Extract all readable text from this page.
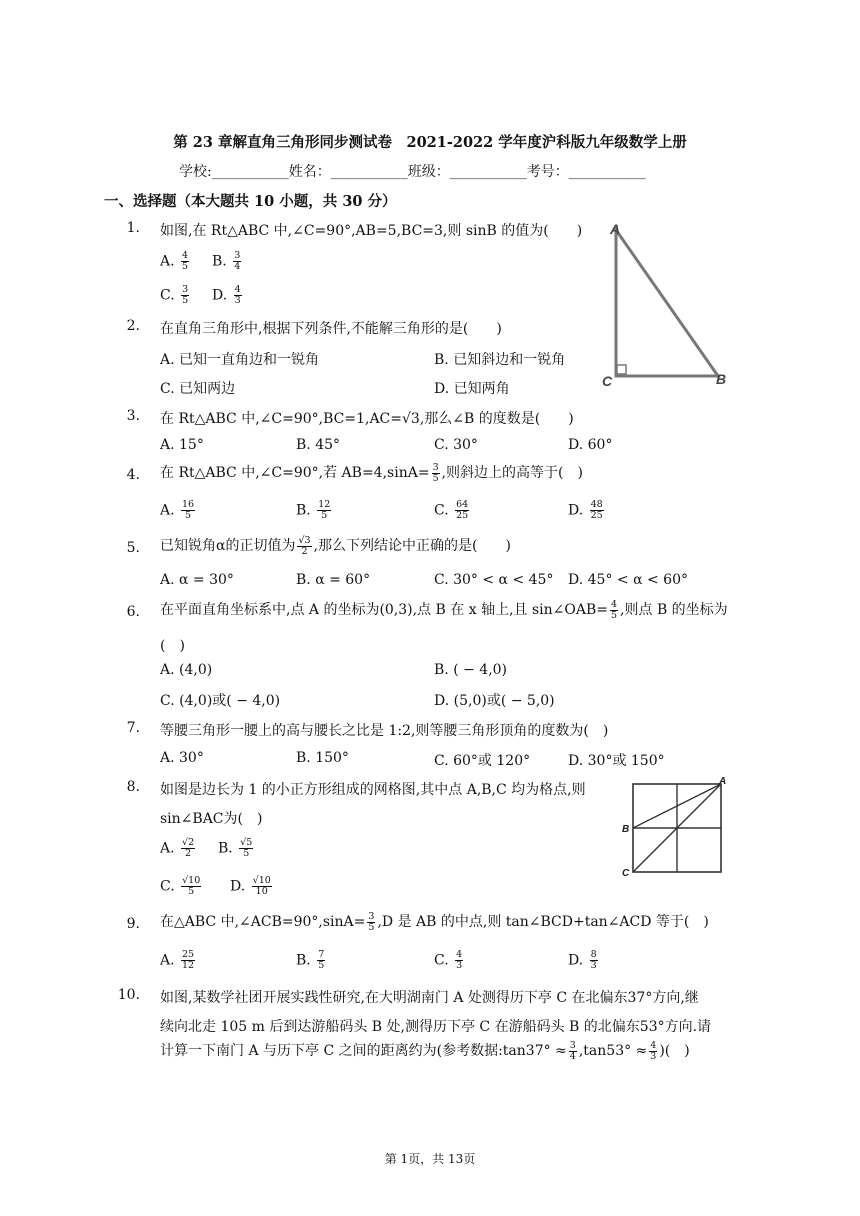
第 23 章解直角三角形同步测试卷　2021-2022 学年度沪科版九年级数学上册
学校:___________姓名：___________班级：___________考号：___________
一、选择题（本大题共 10 小题，共 30 分）
1. 如图,在 Rt△ABC 中,∠C=90°,AB=5,BC=3,则 sinB 的值为(　　)
A. $\frac{4}{5} B$. $\frac{3}{4}$
C. $\frac{3}{5} D$. $\frac{4}{3}$
A
C	B
2. 在直角三角形中,根据下列条件,不能解三角形的是(　　)
A. 已知一直角边和一锐角	B. 已知斜边和一锐角
C. 已知两边	D. 已知两角
3. 在 Rt△ABC 中,∠C=90°,BC=1,AC=√3,那么∠B 的度数是(　　)
A. 15°	B. 45°	C. 30°	D. 60°
4. 在 Rt△ABC 中,∠C=90°,若 $AB=4,\sin A= \frac{3}{5}$ ,则斜边上的高等于(　)
A. $\frac{16}{5}$	B. $\frac{12}{5}$	C. $\frac{64}{25}$	D. $\frac{48}{25}$
5. 已知锐角α的正切值为 $\frac{√3}{2}$ ,那么下列结论中正确的是(　　)
A. α = 30°	B. α = 60°	C. 30° < α < 45° D. 45° < α < 60°
6. 在平面直角坐标系中,点 A 的坐标为(0,3),点 B 在 x 轴上,且 sin∠OAB= $\frac{4}{5}$ ,则点 B 的坐标为
(　)
A. (4,0)	B. ( − 4,0)
C. (4,0)或( − 4,0)	D. (5,0)或( − 5,0)
7. 等腰三角形一腰上的高与腰长之比是 1:2,则等腰三角形顶角的度数为(　)
A. 30°	B. 150°	C. 60°或 120°	D. 30°或 150°
8. 如图是边长为 1 的小正方形组成的网格图,其中点 A,B,C 均为格点,则
sin∠BAC为(　)
A. $\frac{√2}{2} B$. $\frac{√5}{5}$
C. $\frac{√10}{5} D$. $\frac{√10}{10}$
A
B
C
9. 在△ABC 中,∠ACB=90°,sinA= $\frac{3}{5} ,D$ 是 AB 的中点,则 tan∠BCD+tan∠ACD 等于(　)
A. $\frac{25}{12}$	B. $\frac{7}{5}$	C. $\frac{4}{3}$	D. $\frac{8}{3}$
10. 如图,某数学社团开展实践性研究,在大明湖南门 A 处测得历下亭 C 在北偏东37°方向,继
续向北走 105 m 后到达游船码头 B 处,测得历下亭 C 在游船码头 B 的北偏东53°方向.请
计算一下南门 A 与历下亭 C 之间的距离约为(参考数据:tan37° ≈ $\frac{3}{4} ,\tan 53^\circ \approx \frac{4}{3}$ )(　)
第 1页，共 13页
